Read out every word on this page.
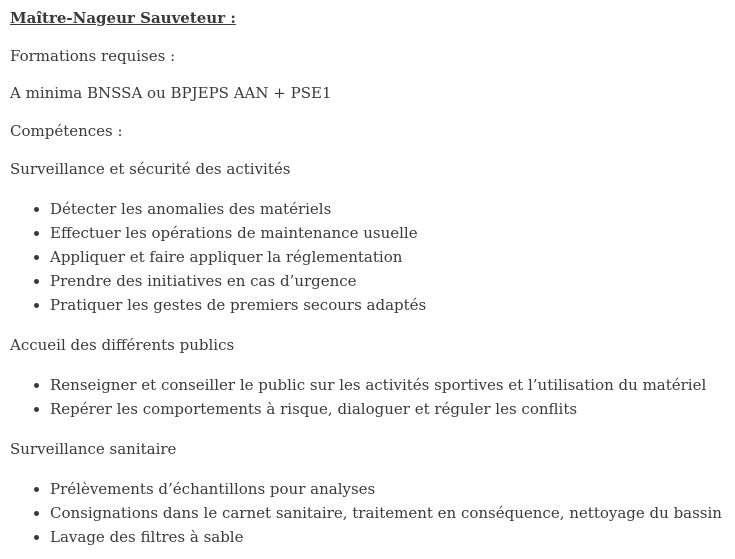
Maître-Nageur Sauveteur :
Formations requises :
A minima BNSSA ou BPJEPS AAN + PSE1
Compétences :
Surveillance et sécurité des activités
Détecter les anomalies des matériels
Effectuer les opérations de maintenance usuelle
Appliquer et faire appliquer la réglementation
Prendre des initiatives en cas d’urgence
Pratiquer les gestes de premiers secours adaptés
Accueil des différents publics
Renseigner et conseiller le public sur les activités sportives et l’utilisation du matériel
Repérer les comportements à risque, dialoguer et réguler les conflits
Surveillance sanitaire
Prélèvements d’échantillons pour analyses
Consignations dans le carnet sanitaire, traitement en conséquence, nettoyage du bassin
Lavage des filtres à sable
